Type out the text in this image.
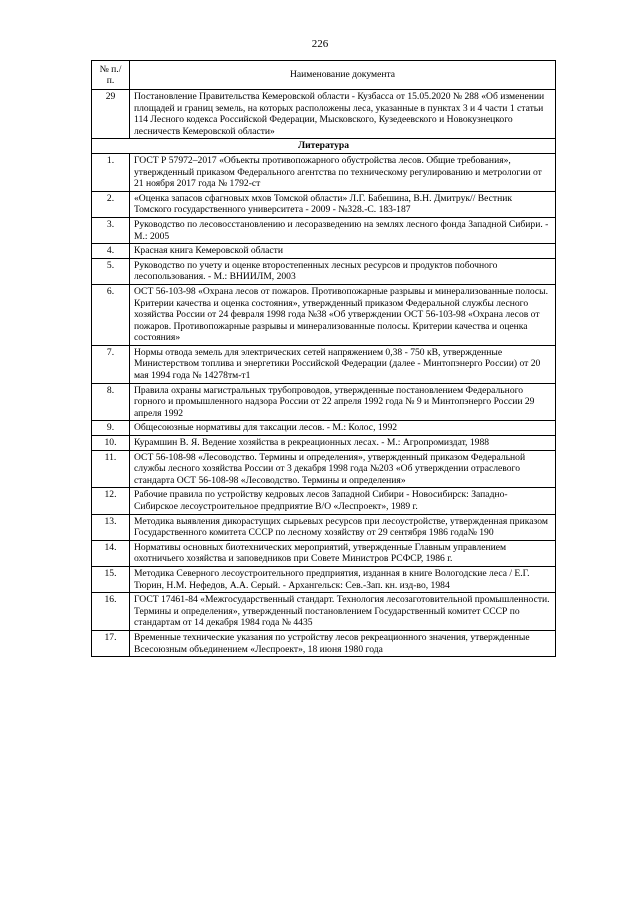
226
№ п./п.	Наименование документа
29	Постановление Правительства Кемеровской области - Кузбасса от 15.05.2020 № 288 «Об изменении площадей и границ земель, на которых расположены леса, указанные в пунктах 3 и 4 части 1 статьи 114 Лесного кодекса Российской Федерации, Мысковского, Кузедеевского и Новокузнецкого лесничеств Кемеровской области»
Литература	
1.	ГОСТ Р 57972–2017 «Объекты противопожарного обустройства лесов. Общие требования», утвержденный приказом Федерального агентства по техническому регулированию и метрологии от 21 ноября 2017 года № 1792-ст
2.	«Оценка запасов сфагновых мхов Томской области» Л.Г. Бабешина, В.Н. Дмитрук// Вестник Томского государственного университета - 2009 - №328.-С. 183-187
3.	Руководство по лесовосстановлению и лесоразведению на землях лесного фонда Западной Сибири. - М.: 2005
4.	Красная книга Кемеровской области
5.	Руководство по учету и оценке второстепенных лесных ресурсов и продуктов побочного лесопользования. - М.: ВНИИЛМ, 2003
6.	ОСТ 56-103-98 «Охрана лесов от пожаров. Противопожарные разрывы и минерализованные полосы. Критерии качества и оценка состояния», утвержденный приказом Федеральной службы лесного хозяйства России от 24 февраля 1998 года №38 «Об утверждении ОСТ 56-103-98 «Охрана лесов от пожаров. Противопожарные разрывы и минерализованные полосы. Критерии качества и оценка состояния»
7.	Нормы отвода земель для электрических сетей напряжением 0,38 - 750 кВ, утвержденные Министерством топлива и энергетики Российской Федерации (далее - Минтопэнерго России) от 20 мая 1994 года № 14278тм-т1
8.	Правила охраны магистральных трубопроводов, утвержденные постановлением Федерального горного и промышленного надзора России от 22 апреля 1992 года № 9 и Минтопэнерго России 29 апреля 1992
9.	Общесоюзные нормативы для таксации лесов. - М.: Колос, 1992
10.	Курамшин В. Я. Ведение хозяйства в рекреационных лесах. - М.: Агропромиздат, 1988
11.	ОСТ 56-108-98 «Лесоводство. Термины и определения», утвержденный приказом Федеральной службы лесного хозяйства России от 3 декабря 1998 года №203 «Об утверждении отраслевого стандарта ОСТ 56-108-98 «Лесоводство. Термины и определения»
12.	Рабочие правила по устройству кедровых лесов Западной Сибири - Новосибирск: Западно-Сибирское лесоустроительное предприятие В/О «Леспроект», 1989 г.
13.	Методика выявления дикорастущих сырьевых ресурсов при лесоустройстве, утвержденная приказом Государственного комитета СССР по лесному хозяйству от 29 сентября 1986 года№ 190
14.	Нормативы основных биотехнических мероприятий, утвержденные Главным управлением охотничьего хозяйства и заповедников при Совете Министров РСФСР, 1986 г.
15.	Методика Северного лесоустроительного предприятия, изданная в книге Вологодские леса / Е.Г. Тюрин, Н.М. Нефедов, А.А. Серый. - Архангельск: Сев.-Зап. кн. изд-во, 1984
16.	ГОСТ 17461-84 «Межгосударственный стандарт. Технология лесозаготовительной промышленности. Термины и определения», утвержденный постановлением Государственный комитет СССР по стандартам от 14 декабря 1984 года № 4435
17.	Временные технические указания по устройству лесов рекреационного значения, утвержденные Всесоюзным объединением «Леспроект», 18 июня 1980 года
